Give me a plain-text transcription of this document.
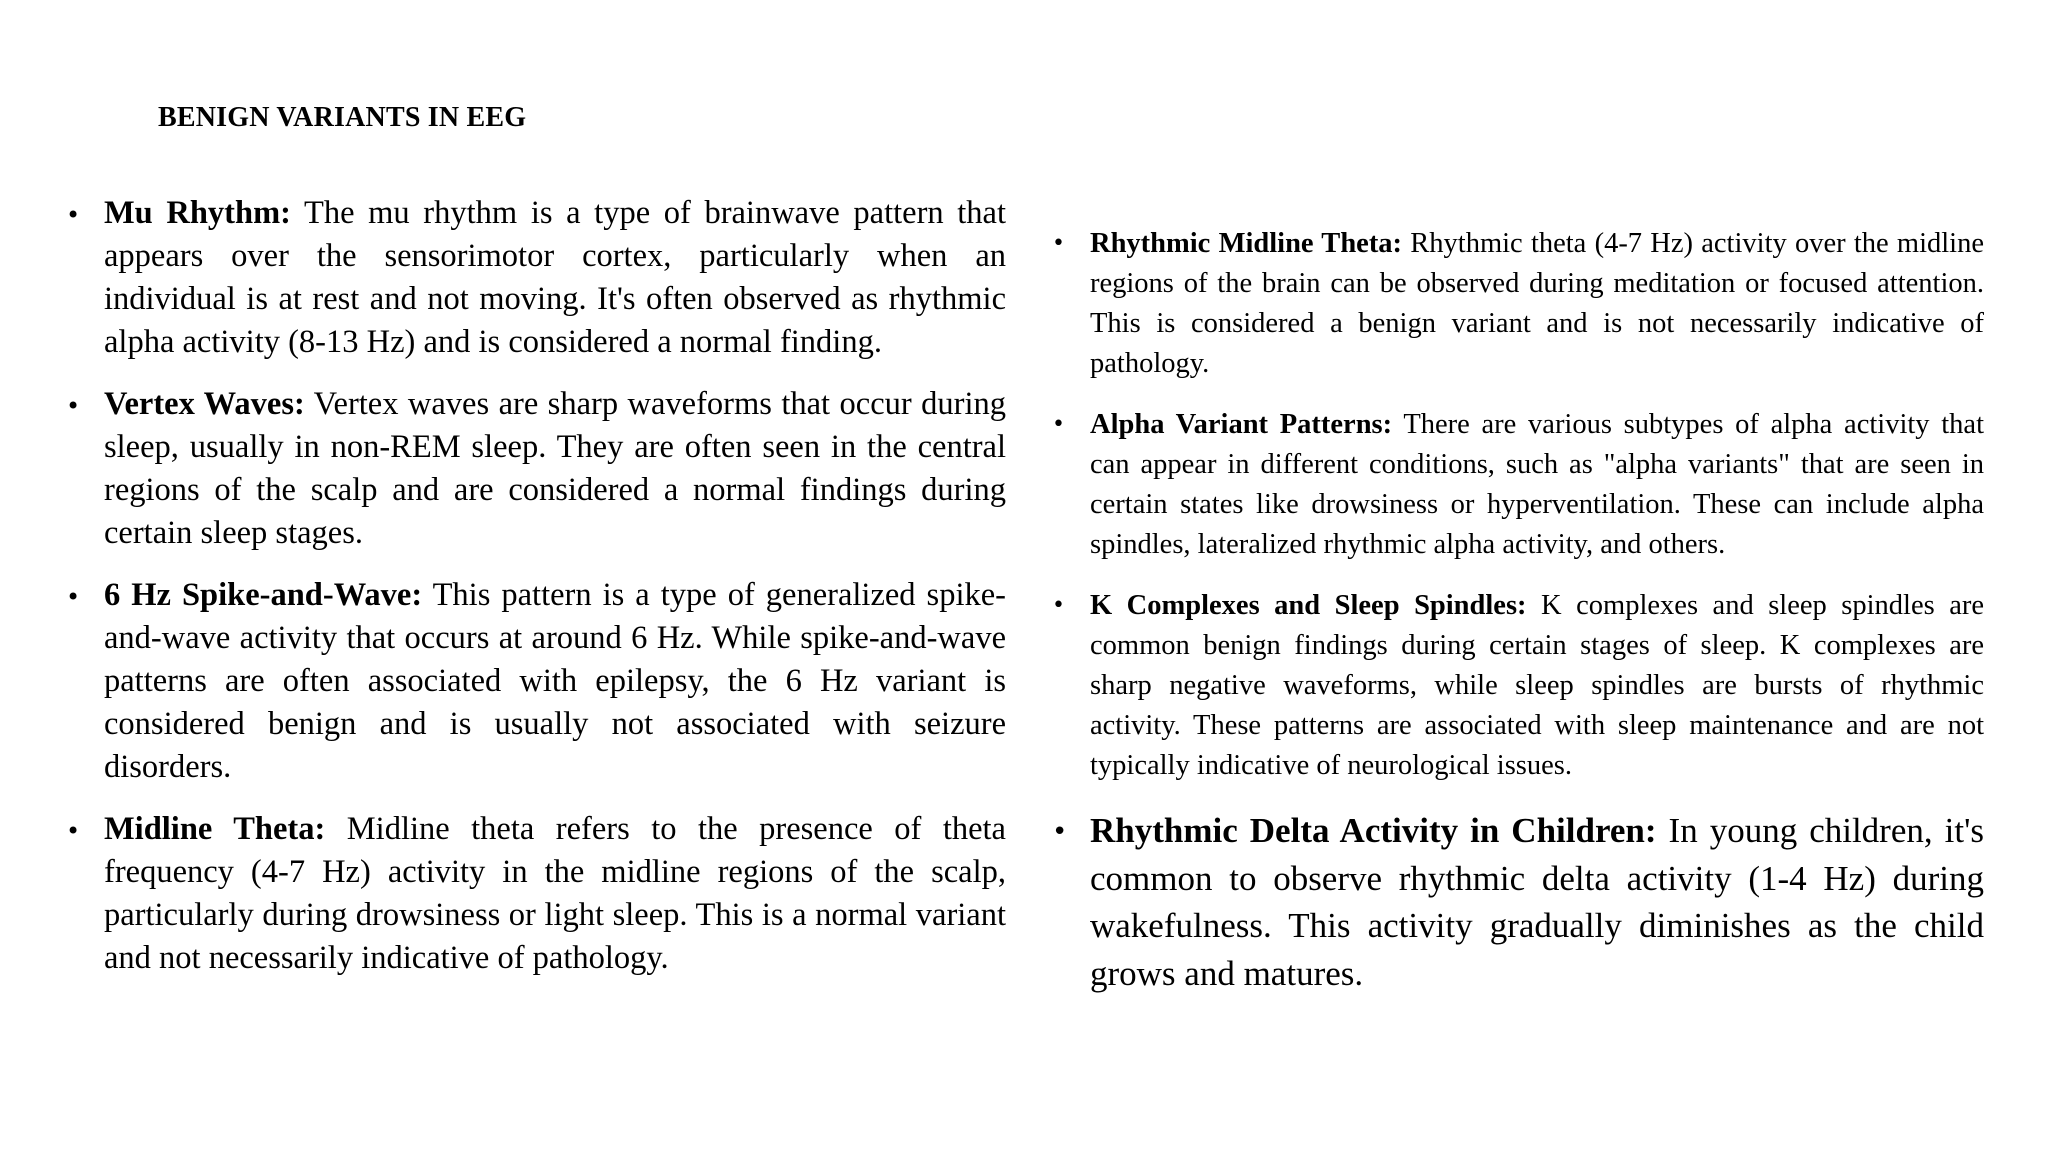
BENIGN VARIANTS IN EEG
• Mu Rhythm: The mu rhythm is a type of brainwave pattern that appears over the sensorimotor cortex, particularly when an individual is at rest and not moving. It's often observed as rhythmic alpha activity (8-13 Hz) and is considered a normal finding.
• Vertex Waves: Vertex waves are sharp waveforms that occur during sleep, usually in non-REM sleep. They are often seen in the central regions of the scalp and are considered a normal findings during certain sleep stages.
• 6 Hz Spike-and-Wave: This pattern is a type of generalized spike-and-wave activity that occurs at around 6 Hz. While spike-and-wave patterns are often associated with epilepsy, the 6 Hz variant is considered benign and is usually not associated with seizure disorders.
• Midline Theta: Midline theta refers to the presence of theta frequency (4-7 Hz) activity in the midline regions of the scalp, particularly during drowsiness or light sleep. This is a normal variant and not necessarily indicative of pathology.
• Rhythmic Midline Theta: Rhythmic theta (4-7 Hz) activity over the midline regions of the brain can be observed during meditation or focused attention. This is considered a benign variant and is not necessarily indicative of pathology.
• Alpha Variant Patterns: There are various subtypes of alpha activity that can appear in different conditions, such as "alpha variants" that are seen in certain states like drowsiness or hyperventilation. These can include alpha spindles, lateralized rhythmic alpha activity, and others.
• K Complexes and Sleep Spindles: K complexes and sleep spindles are common benign findings during certain stages of sleep. K complexes are sharp negative waveforms, while sleep spindles are bursts of rhythmic activity. These patterns are associated with sleep maintenance and are not typically indicative of neurological issues.
• Rhythmic Delta Activity in Children: In young children, it's common to observe rhythmic delta activity (1-4 Hz) during wakefulness. This activity gradually diminishes as the child grows and matures.
